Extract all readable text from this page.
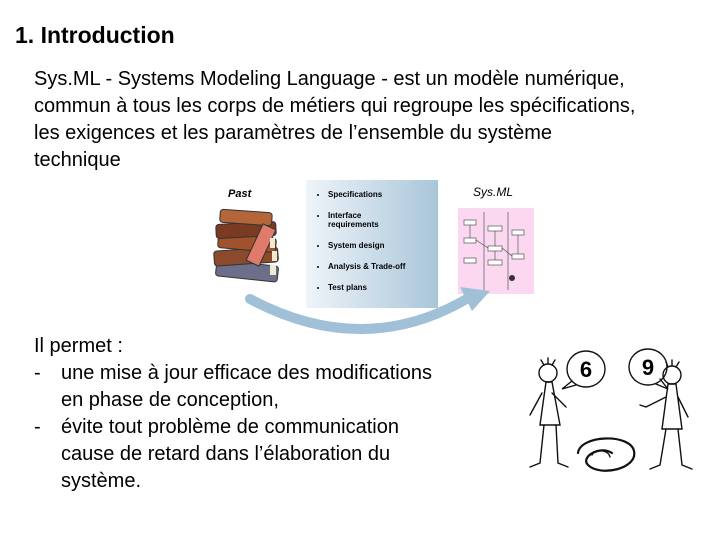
1. Introduction
Sys.ML - Systems Modeling Language - est un modèle numérique,
commun à tous les corps de métiers qui regroupe les spécifications,
les exigences et les paramètres de l’ensemble du système
technique
Past
•	Specifications
• Interface
requirements
• System design
• Analysis & Trade-off
• Test plans
Sys.ML
Il permet :
-	une mise à jour efficace des modifications
en phase de conception,
-	évite tout problème de communication
cause de retard dans l’élaboration du
système.
6 9
6
